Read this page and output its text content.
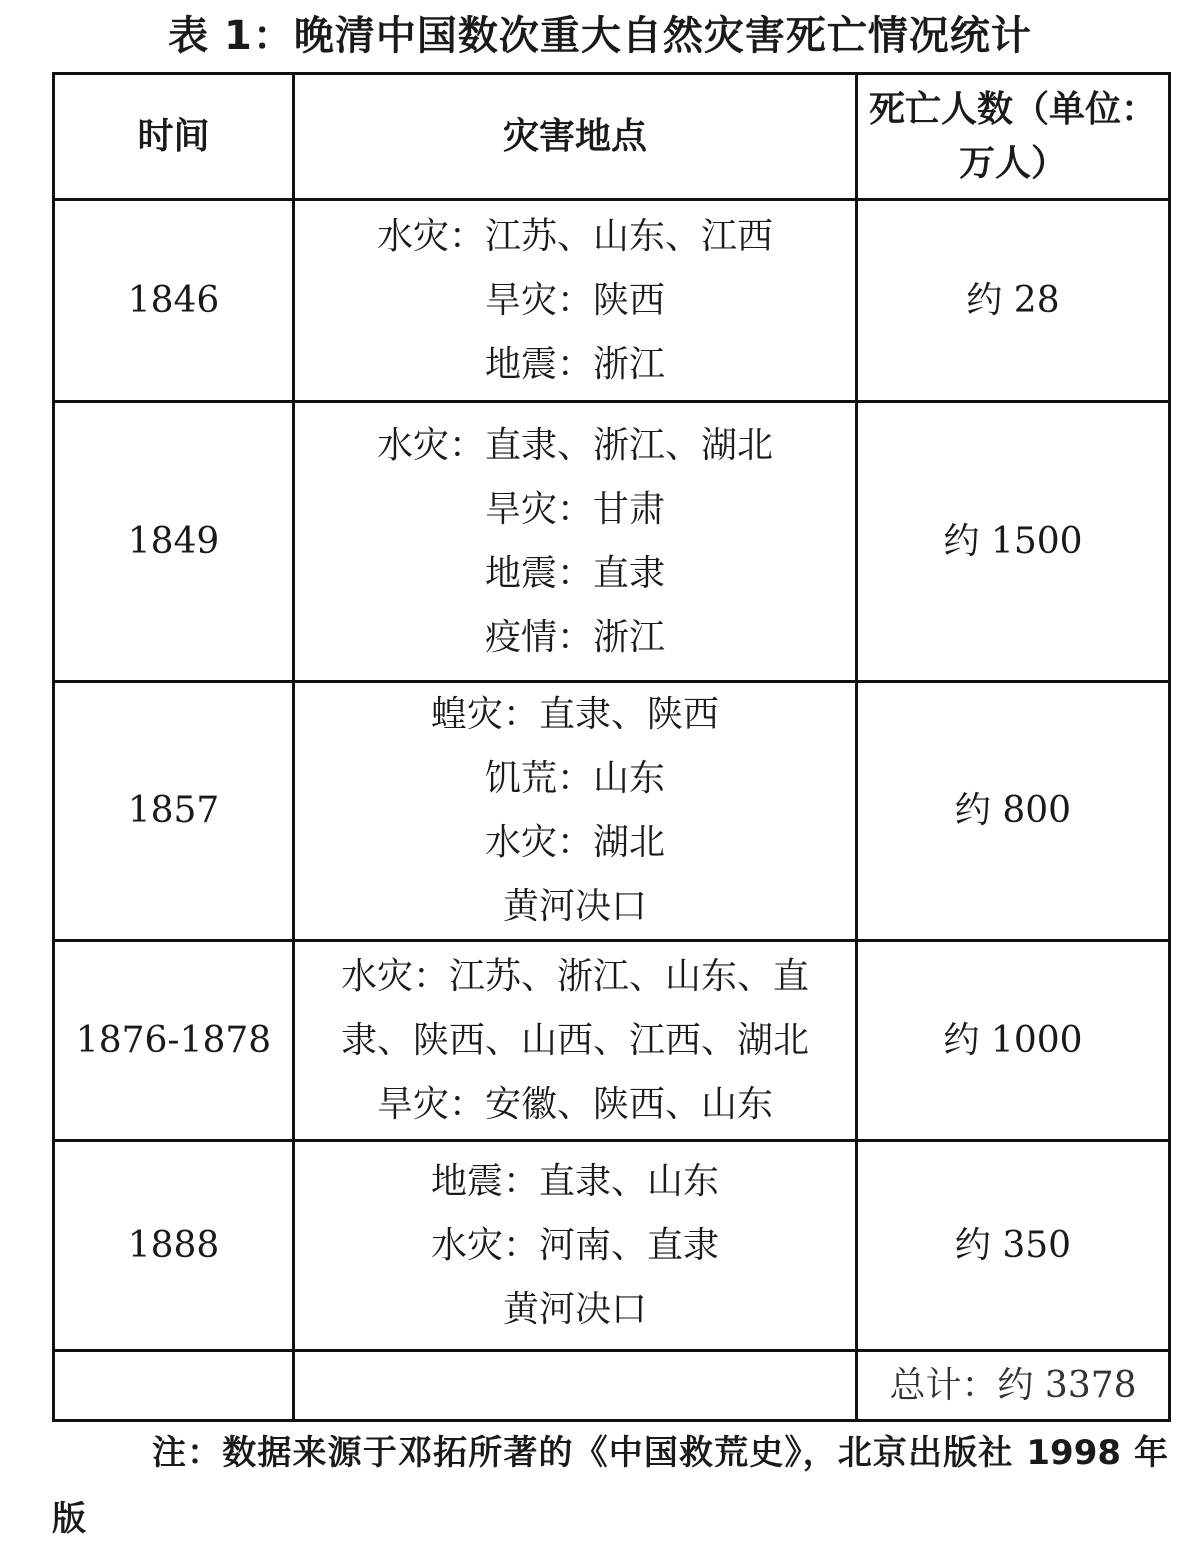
表 1：晚清中国数次重大自然灾害死亡情况统计
时间	灾害地点	死亡人数（单位：万人）
1846	水灾：江苏、山东、江西
旱灾：陕西
地震：浙江	约 28
1849	水灾：直隶、浙江、湖北
旱灾：甘肃
地震：直隶
疫情：浙江	约 1500
1857	蝗灾：直隶、陕西
饥荒：山东
水灾：湖北
黄河决口	约 800
1876-1878	水灾：江苏、浙江、山东、直
隶、陕西、山西、江西、湖北
旱灾：安徽、陕西、山东	约 1000
1888	地震：直隶、山东
水灾：河南、直隶
黄河决口	约 350
		总计：约 3378
注：数据来源于邓拓所著的《中国救荒史》，北京出版社 1998 年版
